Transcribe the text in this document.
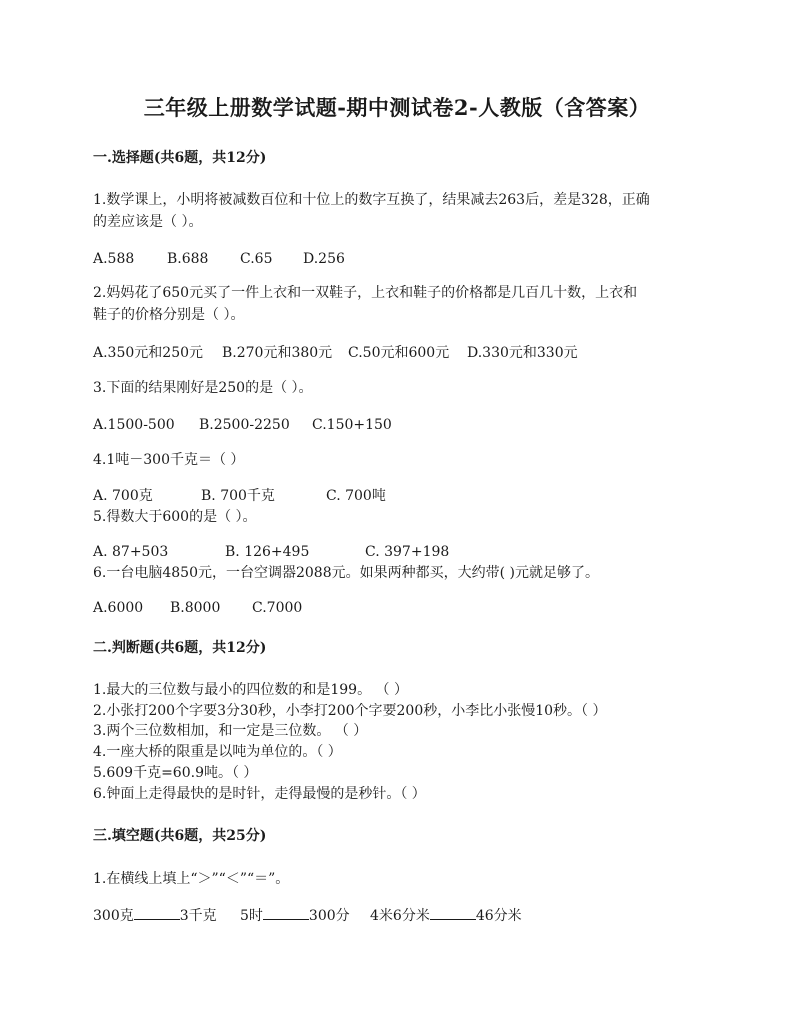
三年级上册数学试题-期中测试卷2-人教版（含答案）
一.选择题(共6题，共12分)
1.数学课上，小明将被减数百位和十位上的数字互换了，结果减去263后，差是328，正确
的差应该是（ ）。
A.588 B.688 C.65 D.256
2.妈妈花了650元买了一件上衣和一双鞋子，上衣和鞋子的价格都是几百几十数，上衣和
鞋子的价格分别是（ ）。
A.350元和250元 B.270元和380元 C.50元和600元 D.330元和330元
3.下面的结果刚好是250的是（ ）。
A.1500-500 B.2500-2250 C.150+150
4.1吨－300千克＝（ ）
A. 700克	B. 700千克	C. 700吨
5.得数大于600的是（ ）。
A. 87+503	B. 126+495	C. 397+198
6.一台电脑4850元，一台空调器2088元。如果两种都买，大约带( )元就足够了。
A.6000 B.8000 C.7000
二.判断题(共6题，共12分)
1.最大的三位数与最小的四位数的和是199。 （ ）
2.小张打200个字要3分30秒，小李打200个字要200秒，小李比小张慢10秒。（ ）
3.两个三位数相加，和一定是三位数。 （ ）
4.一座大桥的限重是以吨为单位的。（ ）
5.609千克=60.9吨。（ ）
6.钟面上走得最快的是时针，走得最慢的是秒针。（ ）
三.填空题(共6题，共25分)
1.在横线上填上“＞”“＜”“＝”。
300克	3千克 5时	300分 4米6分米	46分米
